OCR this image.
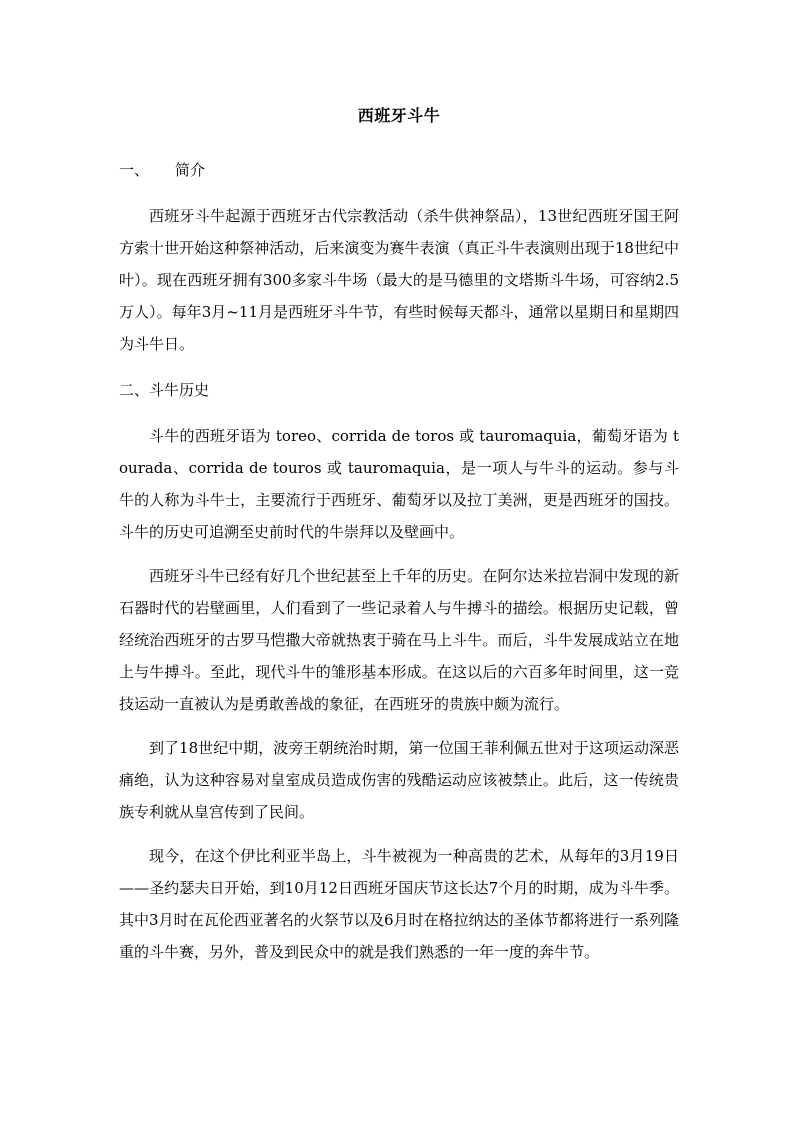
西班牙斗牛
一、 简介

西班牙斗牛起源于西班牙古代宗教活动（杀牛供神祭品），13世纪西班牙国王阿方索十世开始这种祭神活动，后来演变为赛牛表演（真正斗牛表演则出现于18世纪中叶）。现在西班牙拥有300多家斗牛场（最大的是马德里的文塔斯斗牛场，可容纳2.5万人）。每年3月~11月是西班牙斗牛节，有些时候每天都斗，通常以星期日和星期四为斗牛日。

二、斗牛历史

斗牛的西班牙语为 toreo、corrida de toros 或 tauromaquia，葡萄牙语为 tourada、corrida de touros 或 tauromaquia，是一项人与牛斗的运动。参与斗牛的人称为斗牛士，主要流行于西班牙、葡萄牙以及拉丁美洲，更是西班牙的国技。斗牛的历史可追溯至史前时代的牛崇拜以及壁画中。

西班牙斗牛已经有好几个世纪甚至上千年的历史。在阿尔达米拉岩洞中发现的新石器时代的岩壁画里，人们看到了一些记录着人与牛搏斗的描绘。根据历史记载，曾经统治西班牙的古罗马恺撒大帝就热衷于骑在马上斗牛。而后，斗牛发展成站立在地上与牛搏斗。至此，现代斗牛的雏形基本形成。在这以后的六百多年时间里，这一竞技运动一直被认为是勇敢善战的象征，在西班牙的贵族中颇为流行。

到了18世纪中期，波旁王朝统治时期，第一位国王菲利佩五世对于这项运动深恶痛绝，认为这种容易对皇室成员造成伤害的残酷运动应该被禁止。此后，这一传统贵族专利就从皇宫传到了民间。

现今，在这个伊比利亚半岛上，斗牛被视为一种高贵的艺术，从每年的3月19日——圣约瑟夫日开始，到10月12日西班牙国庆节这长达7个月的时期，成为斗牛季。其中3月时在瓦伦西亚著名的火祭节以及6月时在格拉纳达的圣体节都将进行一系列隆重的斗牛赛，另外，普及到民众中的就是我们熟悉的一年一度的奔牛节。
